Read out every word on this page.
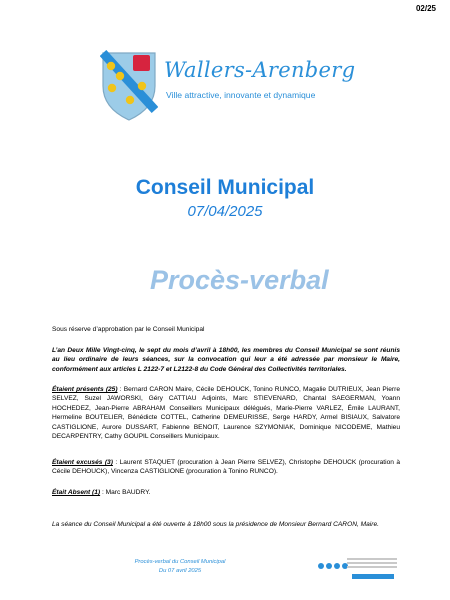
02/25
Wallers-Arenberg
Ville attractive, innovante et dynamique
Conseil Municipal
07/04/2025
Procès-verbal
Sous réserve d’approbation par le Conseil Municipal
L’an Deux Mille Vingt-cinq, le sept du mois d’avril à 18h00, les membres du Conseil Municipal se sont réunis au lieu ordinaire de leurs séances, sur la convocation qui leur a été adressée par monsieur le Maire, conformément aux articles L 2122-7 et L2122-8 du Code Général des Collectivités territoriales.
Étaient présents (25) : Bernard CARON Maire, Cécile DEHOUCK, Tonino RUNCO, Magalie DUTRIEUX, Jean Pierre SELVEZ, Suzel JAWORSKI, Géry CATTIAU Adjoints, Marc STIEVENARD, Chantal SAEGERMAN, Yoann HOCHEDEZ, Jean-Pierre ABRAHAM Conseillers Municipaux délégués, Marie-Pierre VARLEZ, Émile LAURANT, Hermeline BOUTELIER, Bénédicte COTTEL, Catherine DEMEURISSE, Serge HARDY, Armel BISIAUX, Salvatore CASTIGLIONE, Aurore DUSSART, Fabienne BENOIT, Laurence SZYMONIAK, Dominique NICODEME, Mathieu DECARPENTRY, Cathy GOUPIL Conseillers Municipaux.
Étaient excusés (3) : Laurent STAQUET (procuration à Jean Pierre SELVEZ), Christophe DEHOUCK (procuration à Cécile DEHOUCK), Vincenza CASTIGLIONE (procuration à Tonino RUNCO).
Était Absent (1) : Marc BAUDRY.
La séance du Conseil Municipal a été ouverte à 18h00 sous la présidence de Monsieur Bernard CARON, Maire.
Procès-verbal du Conseil Municipal
Du 07 avril 2025
